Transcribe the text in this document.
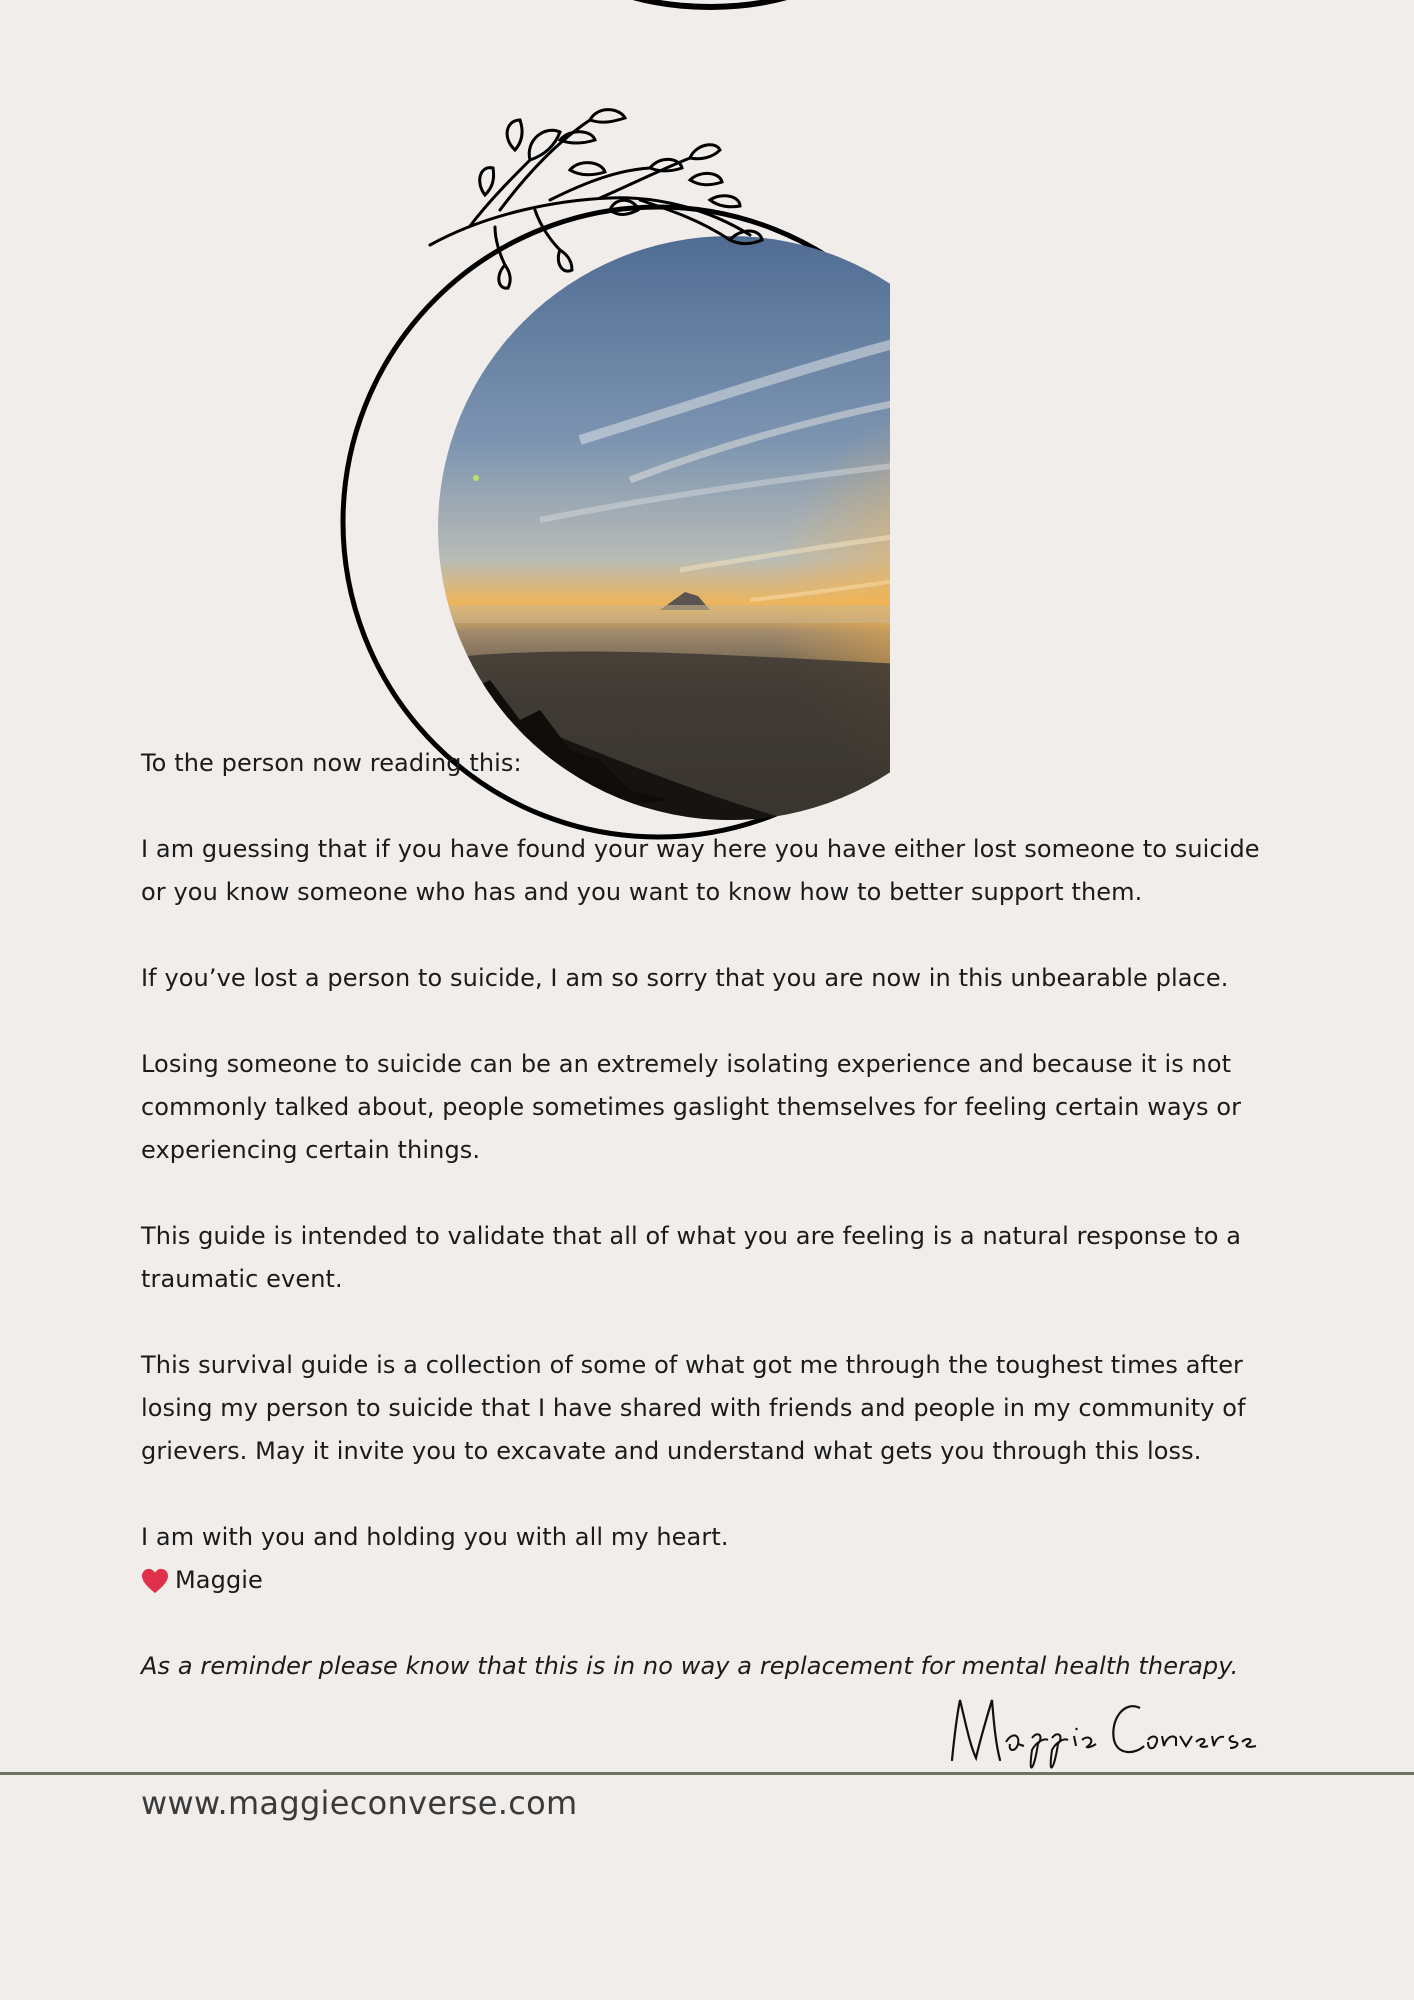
To the person now reading this:

I am guessing that if you have found your way here you have either lost someone to suicide or you know someone who has and you want to know how to better support them.

If you’ve lost a person to suicide, I am so sorry that you are now in this unbearable place.

Losing someone to suicide can be an extremely isolating experience and because it is not commonly talked about, people sometimes gaslight themselves for feeling certain ways or experiencing certain things.

This guide is intended to validate that all of what you are feeling is a natural response to a traumatic event.

This survival guide is a collection of some of what got me through the toughest times after losing my person to suicide that I have shared with friends and people in my community of grievers. May it invite you to excavate and understand what gets you through this loss.

I am with you and holding you with all my heart.

Maggie

As a reminder please know that this is in no way a replacement for mental health therapy.

www.maggieconverse.com
